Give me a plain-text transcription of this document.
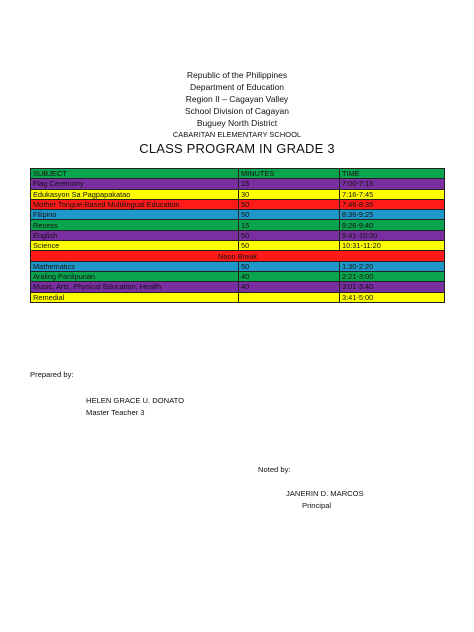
Republic of the Philippines
Department of Education
Region II – Cagayan Valley
School Division of Cagayan
Buguey North District
CABARITAN ELEMENTARY SCHOOL
CLASS PROGRAM IN GRADE 3
SUBJECT	MINUTES	TIME
Flag Ceremony	15	7:00-7:15
Edukasyon Sa Pagpapakatao	30	7:16-7:45
Mother Tongue-Based Multilingual Education	50	7:46-8:35
Filipino	50	8:36-9:25
Recess	15	9:26-9:40
English	50	9:41-10:30
Science	50	10:31-11:20
Noon Break		
Mathematics	50	1:30-2:20
Araling Panlipunan	40	2:21-3:00
Music, Arts, Physical Education, Health	40	3:01-3:40
Remedial		3:41-5:00
Prepared by:
HELEN GRACE U. DONATO
Master Teacher 3
Noted by:
JANERIN D. MARCOS
Principal
